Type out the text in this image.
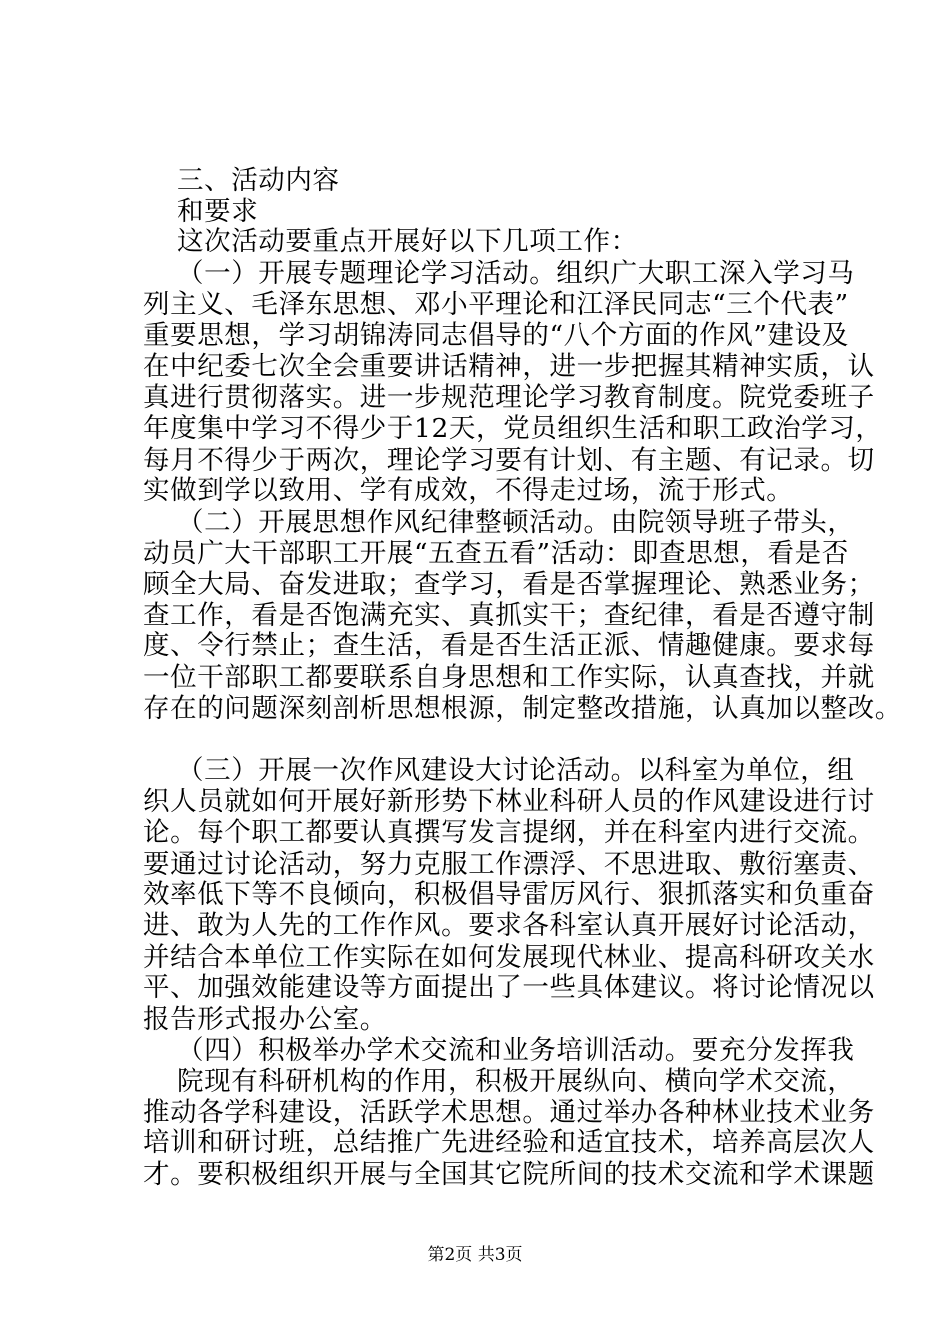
三、活动内容
和要求
这次活动要重点开展好以下几项工作：
（一）开展专题理论学习活动。组织广大职工深入学习马
列主义、毛泽东思想、邓小平理论和江泽民同志“三个代表”
重要思想，学习胡锦涛同志倡导的“八个方面的作风”建设及
在中纪委七次全会重要讲话精神，进一步把握其精神实质，认
真进行贯彻落实。进一步规范理论学习教育制度。院党委班子
年度集中学习不得少于12天，党员组织生活和职工政治学习，
每月不得少于两次，理论学习要有计划、有主题、有记录。切
实做到学以致用、学有成效，不得走过场，流于形式。
（二）开展思想作风纪律整顿活动。由院领导班子带头，
动员广大干部职工开展“五查五看”活动：即查思想，看是否
顾全大局、奋发进取；查学习，看是否掌握理论、熟悉业务；
查工作，看是否饱满充实、真抓实干；查纪律，看是否遵守制
度、令行禁止；查生活，看是否生活正派、情趣健康。要求每
一位干部职工都要联系自身思想和工作实际，认真查找，并就
存在的问题深刻剖析思想根源，制定整改措施，认真加以整改。
（三）开展一次作风建设大讨论活动。以科室为单位，组
织人员就如何开展好新形势下林业科研人员的作风建设进行讨
论。每个职工都要认真撰写发言提纲，并在科室内进行交流。
要通过讨论活动，努力克服工作漂浮、不思进取、敷衍塞责、
效率低下等不良倾向，积极倡导雷厉风行、狠抓落实和负重奋
进、敢为人先的工作作风。要求各科室认真开展好讨论活动，
并结合本单位工作实际在如何发展现代林业、提高科研攻关水
平、加强效能建设等方面提出了一些具体建议。将讨论情况以
报告形式报办公室。
（四）积极举办学术交流和业务培训活动。要充分发挥我
院现有科研机构的作用，积极开展纵向、横向学术交流，
推动各学科建设，活跃学术思想。通过举办各种林业技术业务
培训和研讨班，总结推广先进经验和适宜技术，培养高层次人
才。要积极组织开展与全国其它院所间的技术交流和学术课题
第2页 共3页
